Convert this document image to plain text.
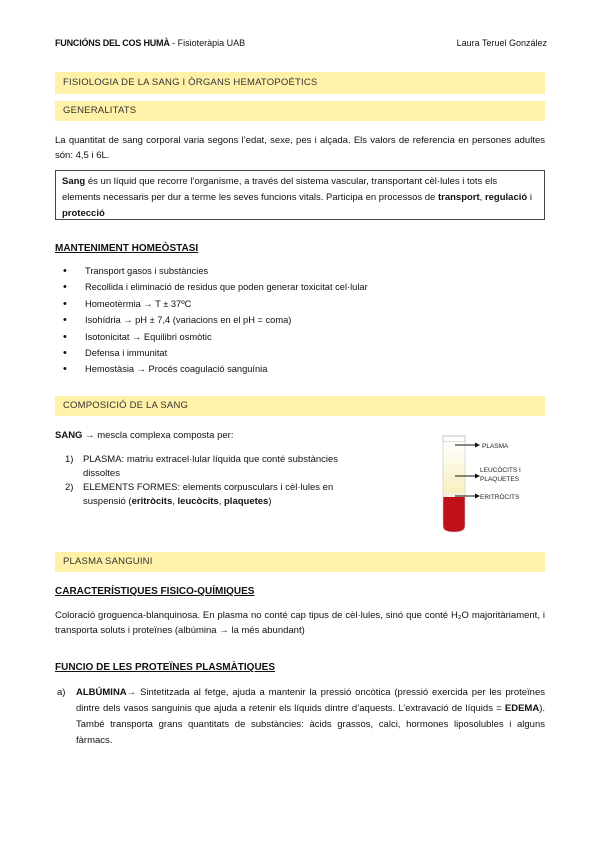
FUNCIÓNS DEL COS HUMÀ - Fisioteràpia UAB	Laura Teruel González
FISIOLOGIA DE LA SANG I ÒRGANS HEMATOPOÈTICS
GENERALITATS
La quantitat de sang corporal varia segons l’edat, sexe, pes i alçada. Els valors de referencia en persones adultes són: 4,5 i 6L.
Sang és un líquid que recorre l’organisme, a través del sistema vascular, transportant cèl·lules i tots els elements necessaris per dur a terme les seves funcions vitals. Participa en processos de transport, regulació i protecció
MANTENIMENT HOMEÒSTASI
• Transport gasos i substàncies
• Recollida i eliminació de residus que poden generar toxicitat cel·lular
• Homeotèrmia → T ± 37ºC
• Isohídria → pH ± 7,4 (variacions en el pH = coma)
• Isotonicitat → Equilibri osmòtic
• Defensa i immunitat
• Hemostàsia → Procés coagulació sanguínia
COMPOSICIÓ DE LA SANG
SANG → mescla complexa composta per:
1) PLASMA: matriu extracel·lular líquida que conté substàncies dissoltes
2) ELEMENTS FORMES: elements corpusculars i cèl·lules en suspensió (eritròcits, leucòcits, plaquetes)
PLASMA
LEUCÒCITS I
PLAQUETES
ERITRÒCITS
PLASMA SANGUINI
CARACTERÍSTIQUES FISICO-QUÍMIQUES
Coloració groguenca-blanquinosa. En plasma no conté cap tipus de cèl·lules, sinó que conté H₂O majoritàriament, i transporta soluts i proteïnes (albúmina → la més abundant)
FUNCIO DE LES PROTEÏNES PLASMÀTIQUES
a) ALBÚMINA→ Sintetitzada al fetge, ajuda a mantenir la pressió oncòtica (pressió exercida per les proteïnes dintre dels vasos sanguinis que ajuda a retenir els líquids dintre d’aquests. L’extravació de líquids = EDEMA). També transporta grans quantitats de substàncies: àcids grassos, calci, hormones liposolubles i alguns fàrmacs.
